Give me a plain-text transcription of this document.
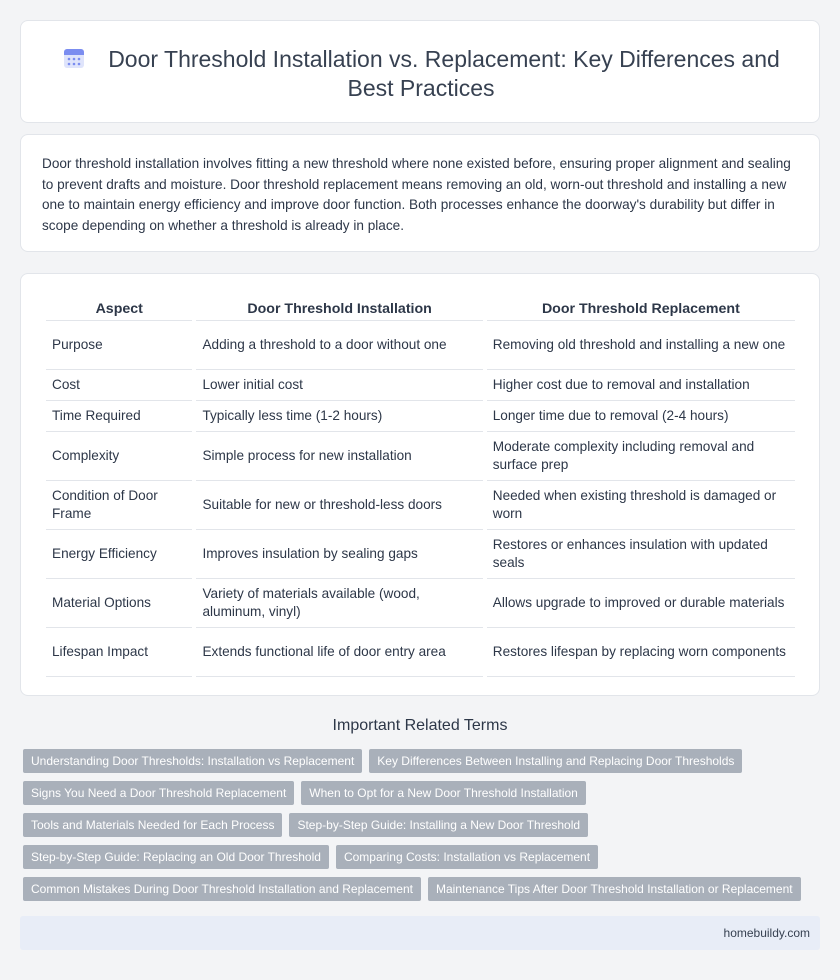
Door Threshold Installation vs. Replacement: Key Differences and Best Practices

Door threshold installation involves fitting a new threshold where none existed before, ensuring proper alignment and sealing to prevent drafts and moisture. Door threshold replacement means removing an old, worn-out threshold and installing a new one to maintain energy efficiency and improve door function. Both processes enhance the doorway's durability but differ in scope depending on whether a threshold is already in place.

Aspect	Door Threshold Installation	Door Threshold Replacement
Purpose	Adding a threshold to a door without one	Removing old threshold and installing a new one
Cost	Lower initial cost	Higher cost due to removal and installation
Time Required	Typically less time (1-2 hours)	Longer time due to removal (2-4 hours)
Complexity	Simple process for new installation	Moderate complexity including removal and surface prep
Condition of Door Frame	Suitable for new or threshold-less doors	Needed when existing threshold is damaged or worn
Energy Efficiency	Improves insulation by sealing gaps	Restores or enhances insulation with updated seals
Material Options	Variety of materials available (wood, aluminum, vinyl)	Allows upgrade to improved or durable materials
Lifespan Impact	Extends functional life of door entry area	Restores lifespan by replacing worn components
Important Related Terms
Understanding Door Thresholds: Installation vs Replacement	Key Differences Between Installing and Replacing Door Thresholds
Signs You Need a Door Threshold Replacement	When to Opt for a New Door Threshold Installation
Tools and Materials Needed for Each Process	Step-by-Step Guide: Installing a New Door Threshold
Step-by-Step Guide: Replacing an Old Door Threshold	Comparing Costs: Installation vs Replacement
Common Mistakes During Door Threshold Installation and Replacement	Maintenance Tips After Door Threshold Installation or Replacement
homebuildy.com
